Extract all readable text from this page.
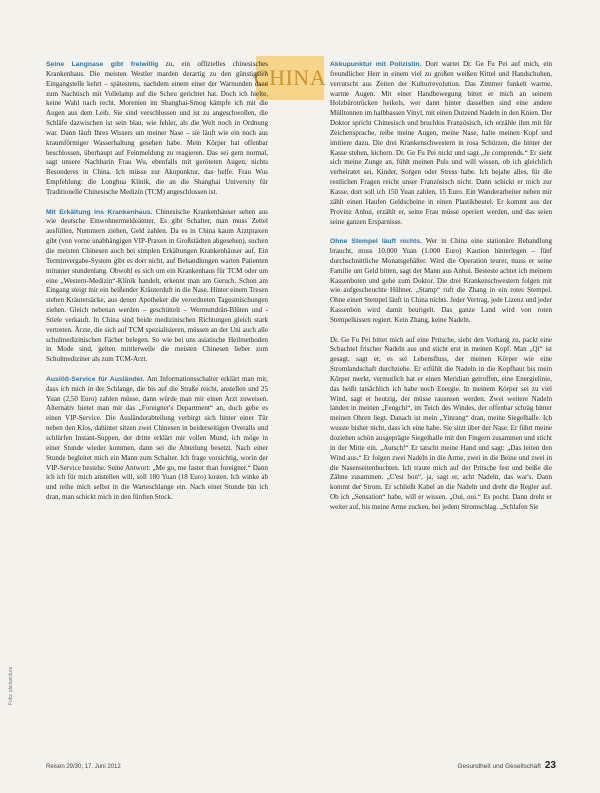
CHINA

Seine Langnase gibt freiwillig zu, ein offizielles chinesisches Krankenhaus. Die meisten Westler marden derartig zu den günstigsten Eingangstelle kehrt – spätestens, nachdem einem einer der Warnunden dazu zum Nachtisch mit Vollelamp auf die Scheu gerichtet hat. Doch ich hielte, keine Wahl nach recht. Morenien im Shanghai-Smog kämpfe ich mit die Augen aus dem Leib. Sie sind verschlossen und ist zu angeschwollen, die Schläfe dazwischen ist sein blau, wie fehler, als die Welt noch in Ordnung war. Dann läuft Ihres Wissers um meiner Nase – sie läuft wie ein noch aus kraumförmiger Wasserhaltung gesehen habe. Mein Körper hat offenbar beschlossen, überhaupt auf Feinmeldung zu reagieren. Das sei gern normal, sagt unsere Nachbarin Frau Wu, ebenfalls mit geröteten Augen, nichts Besonderes in China. Ich müsse zur Akupunktur, das helfe. Frau Wus Empfehlung: die Longhua Klinik, die an die Shanghai University für Traditionelle Chinesische Medizin (TCM) angeschlossen ist.

Mit Erkältung ins Krankenhaus. Chinesische Krankenhäuser sehen aus wie deutsche Einwohnermeldeämter. Es gibt Schalter, man muss Zettel ausfüllen, Nummern ziehen, Geld zahlen. Da es in China kaum Arztpraxen gibt (von vorne unabhängigen VIP-Praxen in Großstädten abgesehen), suchen die meisten Chinesen auch bei simplen Erkältungen Krankenhäuser auf. Ein Terminvergabe-System gibt es dort nicht, auf Behandlungen warten Patienten mitunter stundenlang. Obwohl es sich um ein Krankenhaus für TCM oder um eine „Western-Medizin“-Klinik handelt, erkennt man am Geruch. Schon am Eingang steigt mir ein beißender Kräuterduft in die Nase. Hinter einem Tresen stehen Kräutersäcke, aus denen Apotheker die verordneten Tagesmischungen ziehen. Gleich nebenan werden – geschüttelt – Wermuttdrän-Blüten und -Stiele verkauft. In China sind beide medizinischen Richtungen gleich stark vertreten. Ärzte, die sich auf TCM spezialisieren, müssen an der Uni auch alle schulmedizinischen Fächer belegen. So wie bei uns asiatische Heilmethoden in Mode sind, gelten mittlerweile die meisten Chinesen lieber zum Schulmediziner als zum TCM-Arzt.

Auslöß-Service für Ausländer. Am Informationsschalter erklärt man mir, dass ich mich in der Schlange, die bis auf die Straße reicht, anstellen und 25 Yuan (2,50 Euro) zahlen müsse, dann würde man mir einen Arzt zuweisen. Alternativ bietet man mir das „Foreigner's Department“ an, doch gebe es einen VIP-Service. Die Ausländerabteilung verbirgt sich hinter einer Tür neben den Klos, dahinter sitzen zwei Chinesen in beiderseitigen Overalls und schlürfen Instant-Suppen, der dritte erklärt mir vollen Mund, ich möge in einer Stunde wieder kommen, dann sei die Abteilung besetzt. Nach einer Stunde begleitet mich ein Mann zum Schalter. Ich frage vorsichtig, worin der VIP-Service bestehe. Seine Antwort: „Me go, me faster than foreigner.“ Dann ich ich für mich anstellen will, soll 180 Yuan (18 Euro) kosten. Ich winke ab und reihe mich selbst in die Warteschlange ein. Nach einer Stunde bin ich dran, man schickt mich in den fünften Stock.

Akkupunktur mit Polizistin. Dort wartet Dr. Ge Fu Pei auf mich, ein freundlicher Herr in einem viel zu großen weißen Kittel und Handschuhen, verrutscht aus Zeiten der Kulturrevolution. Das Zimmer funkelt warme, warme Augen. Mit einer Handbewegung bittet er mich an seinem Holzbürotrücken heikels, wer dann hinter dasselben sind eine andere Mülltonnen im halbbassen Vinyl, mit einen Dutzend Nadeln in den Knien. Der Doktor spricht Chinesisch und bruchlos Französisch, ich erzähle ihm mit für Zeichensprache, reibe meine Augen, meine Nase, halte meinen Kopf und imitiere dazu. Die drei Krankenschwestern in rosa Schürzen, die hinter der Kasse stehen, kichern. Dr. Ge Fu Pei nickt und sagt „Je comprends.“ Er sieht sich meine Zunge an, fühlt meinen Puls und will wissen, ob ich gleichlich verheiratet sei, Kinder, Sorgen oder Stress habe. Ich bejahe alles, für die restlichen Fragen reicht unser Französisch nicht. Dann schickt er mich zur Kasse, dort soll ich 150 Yuan zahlen, 15 Euro. Ein Wanderarbeiter neben mir zählt einen Haufen Geldscheine in einen Plastikbeutel. Er kommt aus der Provinz Anhui, erzählt er, seine Frau müsse operiert werden, und das seien seine ganzen Ersparnisse.

Ohne Stempel läuft nichts. Wer in China eine stationäre Behandlung braucht, muss 10.000 Yuan (1.000 Euro) Kaution hinterlegen – fünf durchschnittliche Monatsgehälter. Wird die Operation teurer, muss er seine Familie um Geld bitten, sagt der Mann aus Anhui. Besteste achtet ich meinem Kassenboten und gehe zum Doktor. Die drei Krankenschwestern folgen mit wie aufgescheuchte Hühner. „Stamp“ ruft die Zhang in ein rotes Stempel. Ohne einen Stempel läuft in China nichts. Jeder Vertrag, jede Lizenz und jeder Kassenbon wird damit beurigelt. Das ganze Land wird von roten Stempelkissen regiert. Kein Zhang, keine Nadeln.

Dr. Ge Fu Pei bittet mich auf eine Pritsche, sieht den Vorhang zu, packt eine Schachtel frischer Nadeln aus und sticht erst in meinen Kopf. Man „Qi“ ist gesagt, sagt er, es sei Lebensfluss, der meinen Körper wie eine Stromlandschaft durchziehe. Er erfühlt die Nadeln in die Kopfhaut bis mein Körper merkt, vermutlich hat er einen Meridian getroffen, eine Energielinie, das heißt tatsächlich ich habe noch Energie. In meinem Körper sei zu viel Wind, sagt er heutzig, der müsse rausnsen werden. Zwei weitere Nadeln landen in meinen „Fengchi“, im Teich des Windes, der offenbar schräg hinter meinen Ohren liegt. Danach ist mein „Yinrang“ dran, meine Siegelhalle. Ich wusste bisher nicht, dass ich eine habe. Sie sitzt über der Nase. Er führt meine doziehen schön ausgeprägte Siegelhalle mit den Fingern zusammen und sticht in der Mitte ein. „Autsch!“ Er tatscht meine Hand und sagt: „Das leiten den Wind aus.“ Er folgen zwei Nadeln in die Arme, zwei in die Beine und zwei in die Nasenseitenbuchten. Ich traute mich auf der Pritsche fest und beiße die Zähne zusammen. „C'est bon“, ja, sagt er, acht Nadeln, das war's. Dann kommt der Strom. Er schließt Kabel an die Nadeln und dreht die Regler auf. Ob ich „Sensation“ habe, will er wissen. „Oui, oui.“ Es pocht. Dann dreht er weiter auf, bis meine Arme zucken, bei jedem Stromschlag. „Schlafen Sie

Foto: plainpicture
Reisen 29/30, 17. Juni 2012	Gesundheit und Gesellschaft 23
